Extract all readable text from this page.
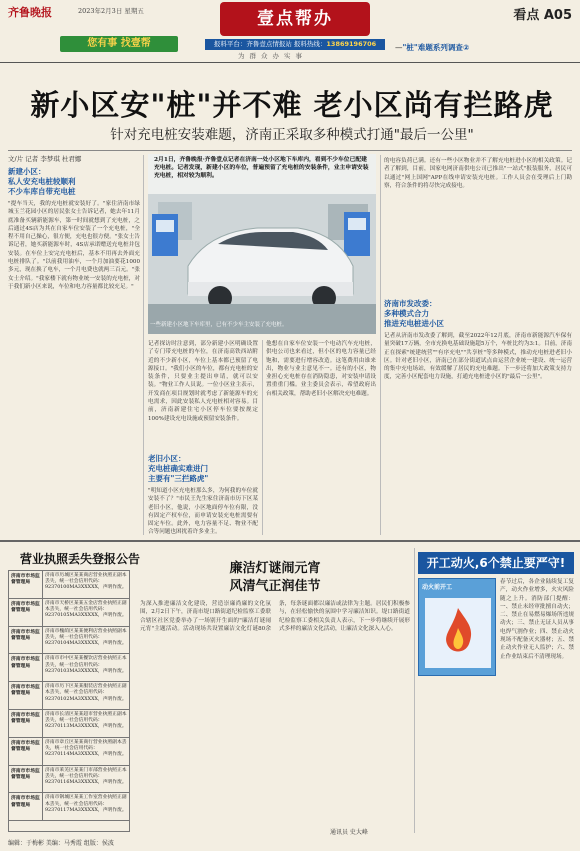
齐鲁晚报	2023年2月3日 星期五	壹点帮办	看点 A05
您有事 找壹帮	报料平台：齐鲁壹点情报站 报料热线：13869196706
为群众办实事
—"桩"难题系列调查②
新小区安"桩"并不难 老小区尚有拦路虎
针对充电桩安装难题，济南正采取多种模式打通"最后一公里"
文/片 记者 李梦琪 杜君娜
新建小区：
私人安充电桩较顺利
不少车库自带充电桩
"提车当天，我的充电桩就安装好了。"家住济南市绿城玉兰花园小区的居民张女士告诉记者，她去年11月底准备买辆新能源车，第一时间就想到了充电桩，之后通过4S店为其在自家车位安装了一个充电桩，"全程不用自己操心，很方便，充电也很方便。"张女士告诉记者，她买新能源车时，4S店承诺赠送充电桩并包安装。在车位上安完充电桩后，基本不用再去外面充电桩排队了。"以前我用油车，一个月加油要花1000多元，现在换了电车，一个月电费也就两三百元。"张女士介绍。"我家楼下就有物业统一安装的充电桩，对于我们新小区来说，车位和电力容量都比较充足。"
2月1日，齐鲁晚报·齐鲁壹点记者在济南一处小区地下车库内，看到不少车位已配建充电桩。记者发现，新建小区的车位，普遍预留了充电桩的安装条件，业主申请安装充电桩，相对较为顺利。
一些新建小区地下车库里，已有不少车主安装了充电桩。
记者探访时注意到，部分新建小区明确设置了专门带充电桩的车位，在济南高铁西站附近的不少新小区，车位上基本都已预留了电源接口。"我们小区的车位，都有充电桩的安装条件，只要业主提出申请，就可以安装。"物业工作人员说。一位小区业主表示，开发商在项目规划时就考虑了新能源车的充电需求，因此安装私人充电桩相对容易。目前，济南新建住宅小区停车位要按规定100%建设充电设施或预留安装条件。
老旧小区：
充电桩确实难进门
主要有"三拦路虎"
"明知道小区充电桩那么多，为何我的车位就安装不了？"市民王先生家住济南市历下区某老旧小区，他说，小区地面停车位有限，没有固定产权车位，而申请安装充电桩需要有固定车位。此外，电力容量不足、物业不配合等问题也困扰着许多业主。
他想在自家车位安装一个电动汽车充电桩，供电公司也来看过，但小区的电力容量已经饱和，需要进行增容改造。这笔费用由谁来出，物业与业主意见不一。还有的小区，物业担心充电桩存在消防隐患，对安装申请设置重重门槛。业主委员会表示，希望政府出台相关政策，帮助老旧小区解决充电难题。
的电容负荷已满。还有一些小区物业并不了解充电桩进小区的相关政策。记者了解到，目前，国家电网济南供电公司已推出"一站式"报装服务，居民可以通过"网上国网"APP在线申请安装充电桩。工作人员会在受理后上门勘察，符合条件的将尽快完成接电。
济南市发改委：
多种模式合力
推进充电桩进小区
记者从济南市发改委了解到，截至2022年12月底，济南市新能源汽车保有量突破17万辆，全市充换电基础设施超5万个，车桩比约为3:1。目前，济南正在探索"统建统营""有序充电""共享桩"等多种模式，推动充电桩进老旧小区。针对老旧小区，济南已在部分街道试点由运营企业统一建设、统一运营的集中充电场站，有效缓解了居民的充电难题。下一步还将加大政策支持力度，完善小区配套电力设施，打通充电桩进小区的"最后一公里"。
营业执照丢失登报公告
济南市市场监督管理局
济南市历城区某某商店营业执照正副本丢失，统一社会信用代码：92370100MA3XXXXX，声明作废。
济南市市场监督管理局
济南市天桥区某某五金店营业执照正副本丢失，统一社会信用代码：92370105MA3XXXXX，声明作废。
济南市市场监督管理局
济南市槐荫区某某便利店营业执照副本丢失，统一社会信用代码：92370104MA3XXXXX，声明作废。
济南市市场监督管理局
济南市市中区某某餐饮店营业执照正本丢失，统一社会信用代码：92370103MA3XXXXX，声明作废。
济南市市场监督管理局
济南市历下区某某服装店营业执照正副本丢失，统一社会信用代码：92370102MA3XXXXX，声明作废。
济南市市场监督管理局
济南市长清区某某超市营业执照正副本丢失，统一社会信用代码：92370113MA3XXXXX，声明作废。
济南市市场监督管理局
济南市章丘区某某商行营业执照副本丢失，统一社会信用代码：92370114MA3XXXXX，声明作废。
济南市市场监督管理局
济南市莱芜区某某门市部营业执照正本丢失，统一社会信用代码：92370116MA3XXXXX，声明作废。
济南市市场监督管理局
济南市钢城区某某工作室营业执照正副本丢失，统一社会信用代码：92370117MA3XXXXX，声明作废。
廉洁灯谜闹元宵
风清气正润佳节
为深入推进廉洁文化建设，营造崇廉尚廉的文化氛围，2月2日下午，济南市堤口路街道纪检监察工委联合辖区社区党委举办了一场别开生面的"廉洁灯谜闹元宵"主题活动。活动现场共设置廉洁文化灯谜80余条，每条谜面都以廉洁或法律为主题。居民们积极参与，在轻松愉快的氛围中学习廉洁知识。堤口路街道纪检监察工委相关负责人表示，下一步将继续开展形式多样的廉洁文化活动，让廉洁文化深入人心。
通讯员 史大峰
开工动火,6个禁止要严守!
动火前开工
春节过后，各企业陆续复工复产，动火作业增多，火灾风险随之上升。消防部门提醒：一、禁止未经审批擅自动火；二、禁止在易燃易爆场所违规动火；三、禁止无证人员从事电焊气割作业；四、禁止动火现场不配备灭火器材；五、禁止动火作业无人监护；六、禁止作业结束后不清理现场。
编辑：于梅彬 美编：马秀霞 组版：侯波
